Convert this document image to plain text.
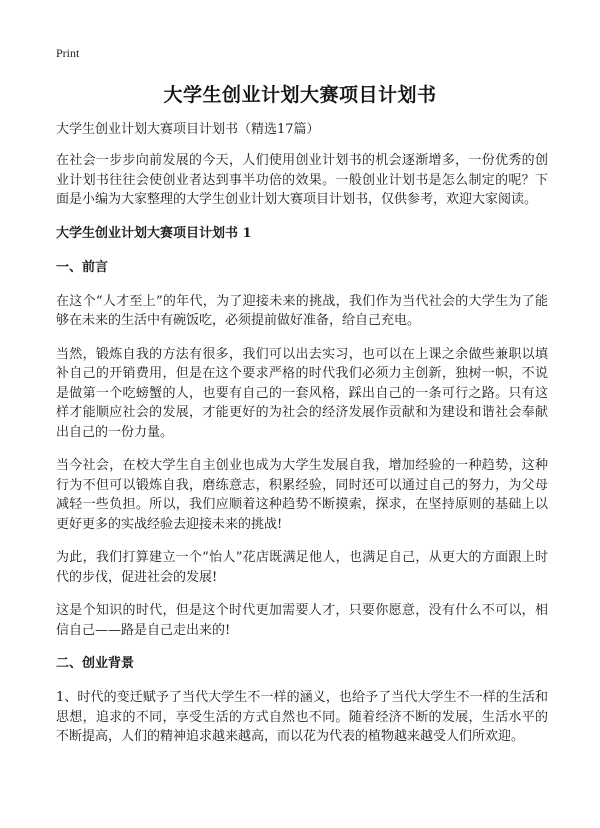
Print
大学生创业计划大赛项目计划书
大学生创业计划大赛项目计划书（精选17篇）

在社会一步步向前发展的今天，人们使用创业计划书的机会逐渐增多，一份优秀的创业计划书往往会使创业者达到事半功倍的效果。一般创业计划书是怎么制定的呢？下面是小编为大家整理的大学生创业计划大赛项目计划书，仅供参考，欢迎大家阅读。

大学生创业计划大赛项目计划书 1
一、前言

在这个“人才至上”的年代，为了迎接未来的挑战，我们作为当代社会的大学生为了能够在未来的生活中有碗饭吃，必须提前做好准备，给自己充电。

当然，锻炼自我的方法有很多，我们可以出去实习，也可以在上课之余做些兼职以填补自己的开销费用，但是在这个要求严格的时代我们必须力主创新，独树一帜，不说是做第一个吃螃蟹的人，也要有自己的一套风格，踩出自己的一条可行之路。只有这样才能顺应社会的发展，才能更好的为社会的经济发展作贡献和为建设和谐社会奉献出自己的一份力量。

当今社会，在校大学生自主创业也成为大学生发展自我，增加经验的一种趋势，这种行为不但可以锻炼自我，磨练意志，积累经验，同时还可以通过自己的努力，为父母减轻一些负担。所以，我们应顺着这种趋势不断摸索，探求，在坚持原则的基础上以更好更多的实战经验去迎接未来的挑战!

为此，我们打算建立一个“怡人”花店既满足他人，也满足自己，从更大的方面跟上时代的步伐，促进社会的发展!

这是个知识的时代，但是这个时代更加需要人才，只要你愿意，没有什么不可以，相信自己——路是自己走出来的!

二、创业背景

1、时代的变迁赋予了当代大学生不一样的涵义，也给予了当代大学生不一样的生活和思想，追求的不同，享受生活的方式自然也不同。随着经济不断的发展，生活水平的不断提高，人们的精神追求越来越高，而以花为代表的植物越来越受人们所欢迎。
